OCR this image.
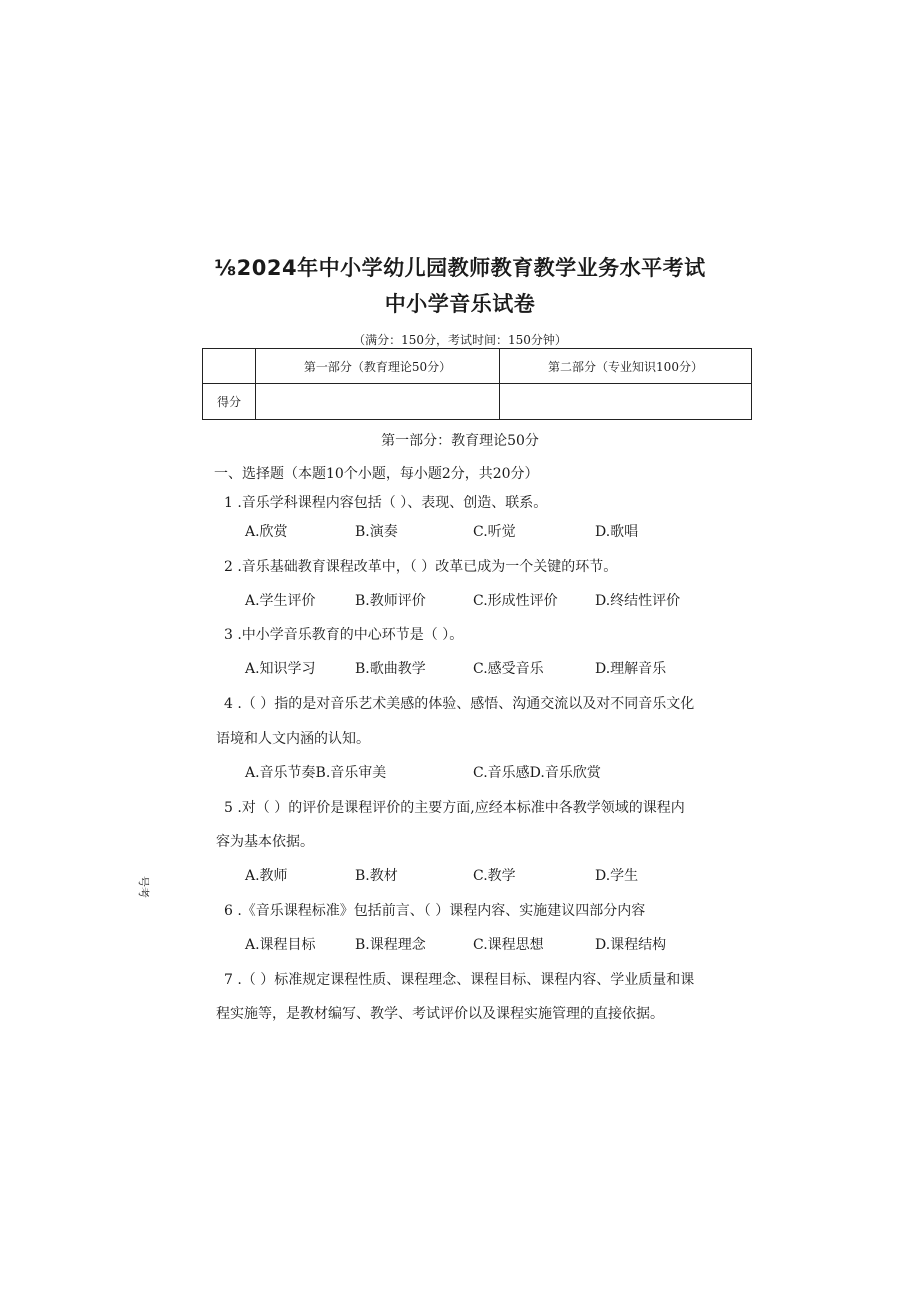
⅛2024年中小学幼儿园教师教育教学业务水平考试
中小学音乐试卷
（满分：150分，考试时间：150分钟）
	第一部分（教育理论50分）	第二部分（专业知识100分）
得分		
第一部分：教育理论50分
一、选择题（本题10个小题，每小题2分，共20分）
1 .音乐学科课程内容包括（ ）、表现、创造、联系。
A.欣赏	B.演奏	C.听觉	D.歌唱
2 .音乐基础教育课程改革中，（ ）改革已成为一个关键的环节。
A.学生评价	B.教师评价	C.形成性评价	D.终结性评价
3 .中小学音乐教育的中心环节是（ ）。
A.知识学习	B.歌曲教学	C.感受音乐	D.理解音乐
4 .（ ）指的是对音乐艺术美感的体验、感悟、沟通交流以及对不同音乐文化
语境和人文内涵的认知。
A.音乐节奏B.音乐审美	C.音乐感D.音乐欣赏
5 .对（ ）的评价是课程评价的主要方面,应经本标准中各教学领域的课程内
容为基本依据。
A.教师	B.教材	C.教学	D.学生
6 .《音乐课程标准》包括前言、（ ）课程内容、实施建议四部分内容
A.课程目标	B.课程理念	C.课程思想	D.课程结构
7 .（ ）标准规定课程性质、课程理念、课程目标、课程内容、学业质量和课
程实施等，是教材编写、教学、考试评价以及课程实施管理的直接依据。
号考
